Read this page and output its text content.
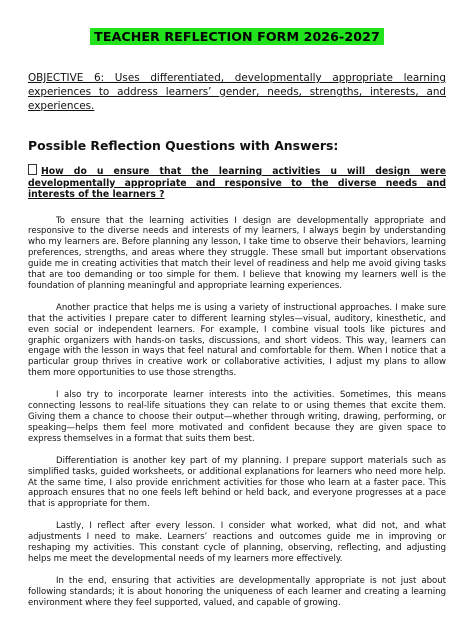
TEACHER REFLECTION FORM 2026-2027
OBJECTIVE 6: Uses differentiated, developmentally appropriate learning experiences to address learners’ gender, needs, strengths, interests, and experiences.
Possible Reflection Questions with Answers:
How do u ensure that the learning activities u will design were developmentally appropriate and responsive to the diverse needs and interests of the learners ?

To ensure that the learning activities I design are developmentally appropriate and responsive to the diverse needs and interests of my learners, I always begin by understanding who my learners are. Before planning any lesson, I take time to observe their behaviors, learning preferences, strengths, and areas where they struggle. These small but important observations guide me in creating activities that match their level of readiness and help me avoid giving tasks that are too demanding or too simple for them. I believe that knowing my learners well is the foundation of planning meaningful and appropriate learning experiences.

Another practice that helps me is using a variety of instructional approaches. I make sure that the activities I prepare cater to different learning styles—visual, auditory, kinesthetic, and even social or independent learners. For example, I combine visual tools like pictures and graphic organizers with hands-on tasks, discussions, and short videos. This way, learners can engage with the lesson in ways that feel natural and comfortable for them. When I notice that a particular group thrives in creative work or collaborative activities, I adjust my plans to allow them more opportunities to use those strengths.

I also try to incorporate learner interests into the activities. Sometimes, this means connecting lessons to real-life situations they can relate to or using themes that excite them. Giving them a chance to choose their output—whether through writing, drawing, performing, or speaking—helps them feel more motivated and confident because they are given space to express themselves in a format that suits them best.

Differentiation is another key part of my planning. I prepare support materials such as simplified tasks, guided worksheets, or additional explanations for learners who need more help. At the same time, I also provide enrichment activities for those who learn at a faster pace. This approach ensures that no one feels left behind or held back, and everyone progresses at a pace that is appropriate for them.

Lastly, I reflect after every lesson. I consider what worked, what did not, and what adjustments I need to make. Learners’ reactions and outcomes guide me in improving or reshaping my activities. This constant cycle of planning, observing, reflecting, and adjusting helps me meet the developmental needs of my learners more effectively.

In the end, ensuring that activities are developmentally appropriate is not just about following standards; it is about honoring the uniqueness of each learner and creating a learning environment where they feel supported, valued, and capable of growing.
